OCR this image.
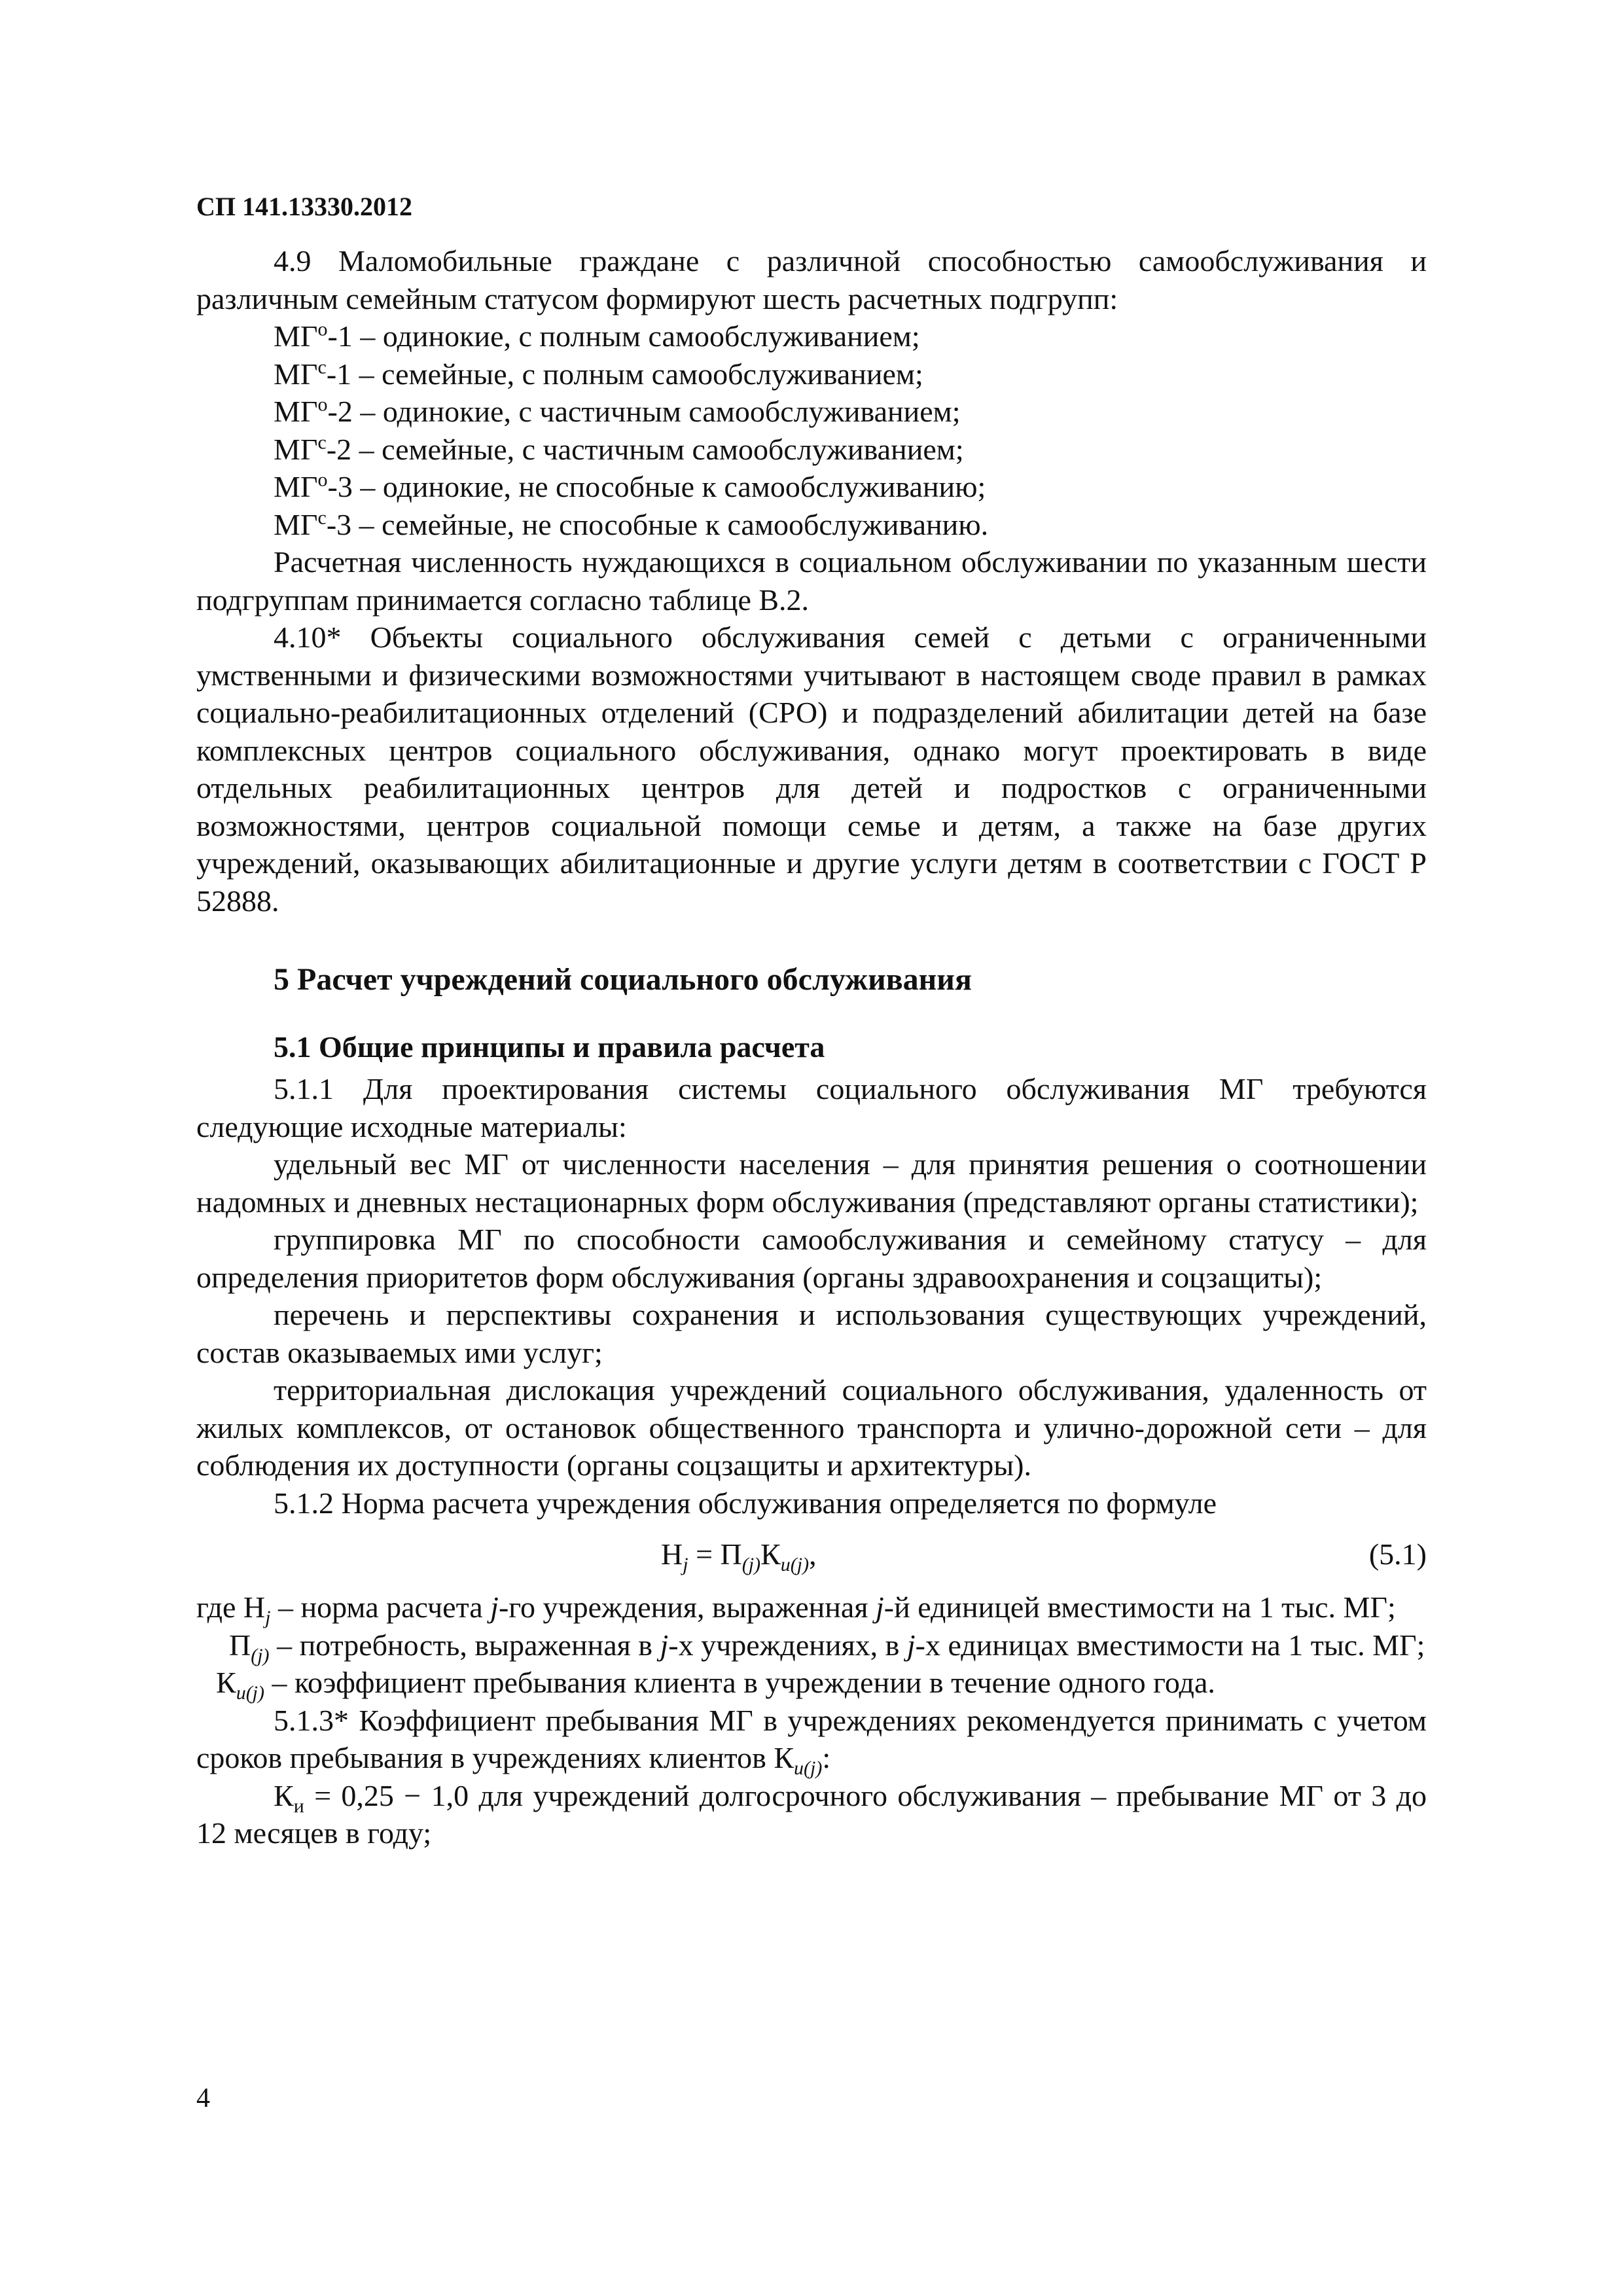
СП 141.13330.2012

4.9 Маломобильные граждане с различной способностью самообслуживания и различным семейным статусом формируют шесть расчетных подгрупп:

$МГ^о-1$ – одинокие, с полным самообслуживанием;

$МГ^с-1$ – семейные, с полным самообслуживанием;

$МГ^о-2$ – одинокие, с частичным самообслуживанием;

$МГ^с-2$ – семейные, с частичным самообслуживанием;

$МГ^о-3$ – одинокие, не способные к самообслуживанию;

$МГ^с-3$ – семейные, не способные к самообслуживанию.

Расчетная численность нуждающихся в социальном обслуживании по указанным шести подгруппам принимается согласно таблице В.2.

4.10* Объекты социального обслуживания семей с детьми с ограниченными умственными и физическими возможностями учитывают в настоящем своде правил в рамках социально-реабилитационных отделений (СРО) и подразделений абилитации детей на базе комплексных центров социального обслуживания, однако могут проектировать в виде отдельных реабилитационных центров для детей и подростков с ограниченными возможностями, центров социальной помощи семье и детям, а также на базе других учреждений, оказывающих абилитационные и другие услуги детям в соответствии с ГОСТ Р 52888.

5 Расчет учреждений социального обслуживания
5.1 Общие принципы и правила расчета

5.1.1 Для проектирования системы социального обслуживания МГ требуются следующие исходные материалы:

удельный вес МГ от численности населения – для принятия решения о соотношении надомных и дневных нестационарных форм обслуживания (представляют органы статистики);

группировка МГ по способности самообслуживания и семейному статусу – для определения приоритетов форм обслуживания (органы здравоохранения и соцзащиты);

перечень и перспективы сохранения и использования существующих учреждений, состав оказываемых ими услуг;

территориальная дислокация учреждений социального обслуживания, удаленность от жилых комплексов, от остановок общественного транспорта и улично-дорожной сети – для соблюдения их доступности (органы соцзащиты и архитектуры).

5.1.2 Норма расчета учреждения обслуживания определяется по формуле

$Н_j = П_{(j)}К_{и(j)}$,	(5.1)

где $Н_j$ – норма расчета j-го учреждения, выраженная j-й единицей вместимости на 1 тыс. МГ;

$П_{(j)}$ – потребность, выраженная в j-х учреждениях, в j-х единицах вместимости на 1 тыс. МГ;

$К_{и(j)}$ – коэффициент пребывания клиента в учреждении в течение одного года.

5.1.3* Коэффициент пребывания МГ в учреждениях рекомендуется принимать с учетом сроков пребывания в учреждениях клиентов $К_{и(j)}$:

$К_и = 0,25 - 1,0$ для учреждений долгосрочного обслуживания – пребывание МГ от 3 до 12 месяцев в году;

4
